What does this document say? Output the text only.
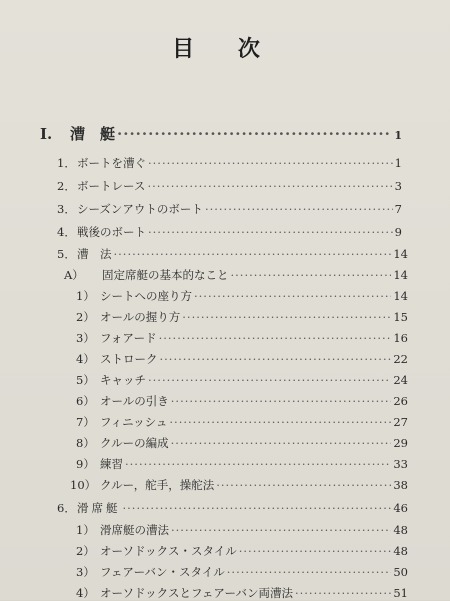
目 次
I.	漕　艇 ·····	1
1． ボートを漕ぐ ·····	1
2． ボートレース ·····	3
3． シーズンアウトのボート ·····	7
4． 戦後のボート ·····	9
5． 漕　法 ·····	14
A）	固定席艇の基本的なこと ·····	14
1） シートへの座り方 ·····	14
2） オールの握り方 ·····	15
3） フォアード ·····	16
4） ストローク ·····	22
5） キャッチ ·····	24
6） オールの引き ·····	26
7） フィニッシュ ·····	27
8） クルーの編成 ·····	29
9） 練習 ·····	33
10） クルー，舵手，操舵法 ·····	38
6． 滑席艇 ·····	46
1） 滑席艇の漕法 ·····	48
2） オーソドックス・スタイル ·····	48
3） フェアーバン・スタイル ·····	50
4） オーソドックスとフェアーバン両漕法 ·····	51
